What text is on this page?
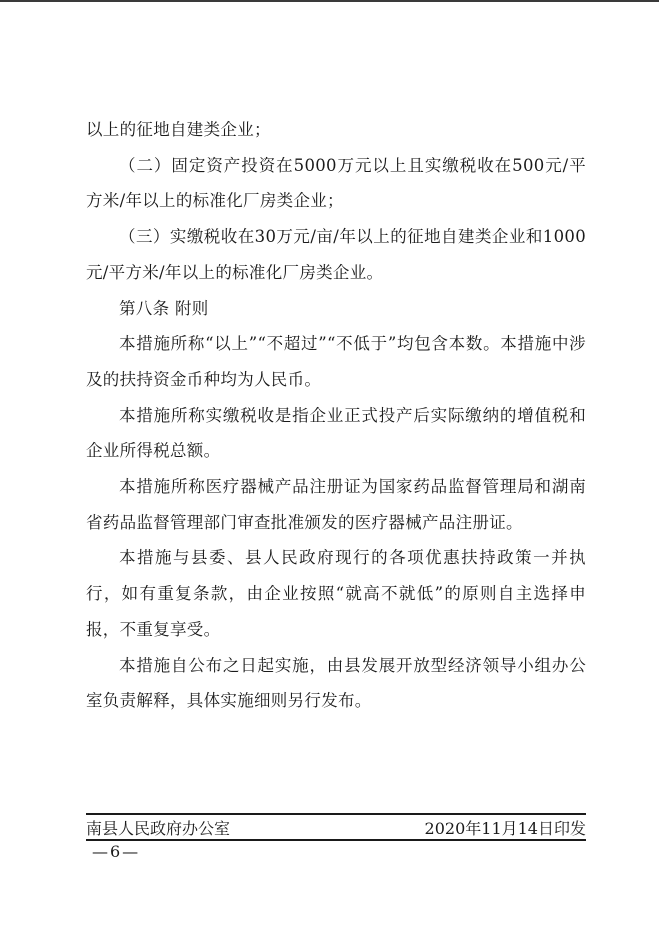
以上的征地自建类企业；

（二）固定资产投资在5000万元以上且实缴税收在500元/平方米/年以上的标准化厂房类企业；

（三）实缴税收在30万元/亩/年以上的征地自建类企业和1000元/平方米/年以上的标准化厂房类企业。

第八条 附则

本措施所称“以上”“不超过”“不低于”均包含本数。本措施中涉及的扶持资金币种均为人民币。

本措施所称实缴税收是指企业正式投产后实际缴纳的增值税和企业所得税总额。

本措施所称医疗器械产品注册证为国家药品监督管理局和湖南省药品监督管理部门审查批准颁发的医疗器械产品注册证。

本措施与县委、县人民政府现行的各项优惠扶持政策一并执行，如有重复条款，由企业按照“就高不就低”的原则自主选择申报，不重复享受。

本措施自公布之日起实施，由县发展开放型经济领导小组办公室负责解释，具体实施细则另行发布。

南县人民政府办公室	2020年11月14日印发
—6—
